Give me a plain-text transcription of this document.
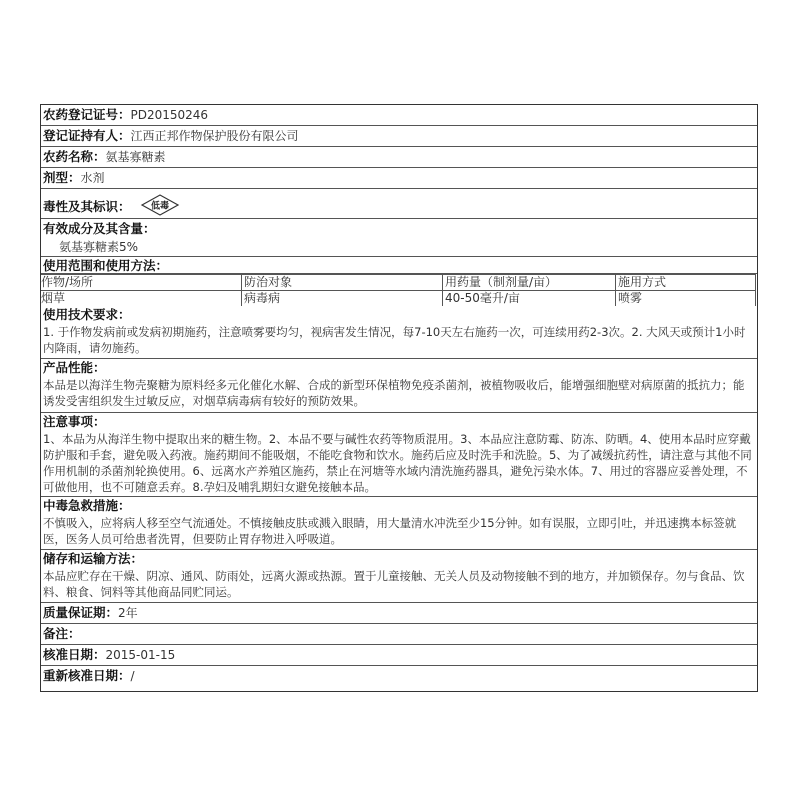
农药登记证号：PD20150246
登记证持有人：江西正邦作物保护股份有限公司
农药名称：氨基寡糖素
剂型：水剂
毒性及其标识： 低毒
有效成分及其含量：
氨基寡糖素5%
使用范围和使用方法：
作物/场所	防治对象	用药量（制剂量/亩）	施用方式
烟草	病毒病	40-50毫升/亩	喷雾
使用技术要求：
1. 于作物发病前或发病初期施药，注意喷雾要均匀，视病害发生情况，每7-10天左右施药一次，可连续用药2-3次。2. 大风天或预计1小时内降雨，请勿施药。
产品性能：
本品是以海洋生物壳聚糖为原料经多元化催化水解、合成的新型环保植物免疫杀菌剂，被植物吸收后，能增强细胞壁对病原菌的抵抗力；能诱发受害组织发生过敏反应，对烟草病毒病有较好的预防效果。
注意事项：
1、本品为从海洋生物中提取出来的糖生物。2、本品不要与碱性农药等物质混用。3、本品应注意防霉、防冻、防晒。4、使用本品时应穿戴防护服和手套，避免吸入药液。施药期间不能吸烟，不能吃食物和饮水。施药后应及时洗手和洗脸。5、为了减缓抗药性，请注意与其他不同作用机制的杀菌剂轮换使用。6、远离水产养殖区施药，禁止在河塘等水域内清洗施药器具，避免污染水体。7、用过的容器应妥善处理，不可做他用，也不可随意丢弃。8.孕妇及哺乳期妇女避免接触本品。
中毒急救措施：
不慎吸入，应将病人移至空气流通处。不慎接触皮肤或溅入眼睛，用大量清水冲洗至少15分钟。如有误服，立即引吐，并迅速携本标签就医，医务人员可给患者洗胃，但要防止胃存物进入呼吸道。
储存和运输方法：
本品应贮存在干燥、阴凉、通风、防雨处，远离火源或热源。置于儿童接触、无关人员及动物接触不到的地方，并加锁保存。勿与食品、饮料、粮食、饲料等其他商品同贮同运。
质量保证期：2年
备注：
核准日期：2015-01-15
重新核准日期：/
